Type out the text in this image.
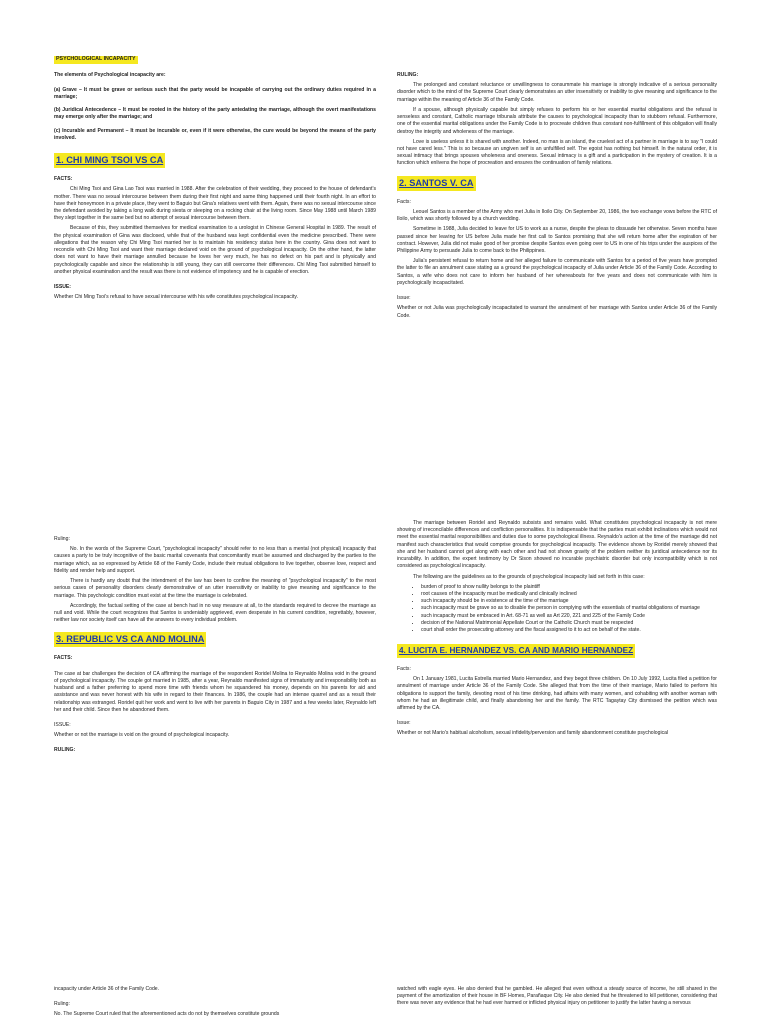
PSYCHOLOGICAL INCAPACITY

The elements of Psychological incapacity are:

(a) Grave – It must be grave or serious such that the party would be incapable of carrying out the ordinary duties required in a marriage;

(b) Juridical Antecedence – It must be rooted in the history of the party antedating the marriage, although the overt manifestations may emerge only after the marriage; and

(c) Incurable and Permanent – It must be incurable or, even if it were otherwise, the cure would be beyond the means of the party involved.

1. CHI MING TSOI VS CA

FACTS:

Chi Ming Tsoi and Gina Lao Tsoi was married in 1988. After the celebration of their wedding, they proceed to the house of defendant's mother. There was no sexual intercourse between them during their first night and same thing happened until their fourth night. In an effort to have their honeymoon in a private place, they went to Baguio but Gina's relatives went with them. Again, there was no sexual intercourse since the defendant avoided by taking a long walk during siesta or sleeping on a rocking chair at the living room. Since May 1988 until March 1989 they slept together in the same bed but no attempt of sexual intercourse between them.

Because of this, they submitted themselves for medical examination to a urologist in Chinese General Hospital in 1989. The result of the physical examination of Gina was disclosed, while that of the husband was kept confidential even the medicine prescribed. There were allegations that the reason why Chi Ming Tsoi married her is to maintain his residency status here in the country. Gina does not want to reconcile with Chi Ming Tsoi and want their marriage declared void on the ground of psychological incapacity. On the other hand, the latter does not want to have their marriage annulled because he loves her very much, he has no defect on his part and is physically and psychologically capable and since the relationship is still young, they can still overcome their differences. Chi Ming Tsoi submitted himself to another physical examination and the result was there is not evidence of impotency and he is capable of erection.

ISSUE:

Whether Chi Ming Tsoi's refusal to have sexual intercourse with his wife constitutes psychological incapacity.

RULING:

The prolonged and constant reluctance or unwillingness to consummate his marriage is strongly indicative of a serious personality disorder which to the mind of the Supreme Court clearly demonstrates an utter insensitivity or inability to give meaning and significance to the marriage within the meaning of Article 36 of the Family Code.

If a spouse, although physically capable but simply refuses to perform his or her essential marital obligations and the refusal is senseless and constant, Catholic marriage tribunals attribute the causes to psychological incapacity than to stubborn refusal. Furthermore, one of the essential marital obligations under the Family Code is to procreate children thus constant non-fulfillment of this obligation will finally destroy the integrity and wholeness of the marriage.

Love is useless unless it is shared with another. Indeed, no man is an island, the cruelest act of a partner in marriage is to say "I could not have cared less." This is so because an ungiven self is an unfulfilled self. The egoist has nothing but himself. In the natural order, it is sexual intimacy that brings spouses wholeness and oneness. Sexual intimacy is a gift and a participation in the mystery of creation. It is a function which enlivens the hope of procreation and ensures the continuation of family relations.

2. SANTOS V. CA

Facts:

Leouel Santos is a member of the Army who met Julia in Iloilo City. On September 20, 1986, the two exchange vows before the RTC of Iloilo, which was shortly followed by a church wedding.

Sometime in 1988, Julia decided to leave for US to work as a nurse, despite the pleas to dissuade her otherwise. Seven months have passed since her leaving for US before Julia made her first call to Santos promising that she will return home after the expiration of her contract. However, Julia did not make good of her promise despite Santos even going over to US in one of his trips under the auspices of the Philippine Army to persuade Julia to come back to the Philippines.

Julia's persistent refusal to return home and her alleged failure to communicate with Santos for a period of five years have prompted the latter to file an annulment case stating as a ground the psychological incapacity of Julia under Article 36 of the Family Code. According to Santos, a wife who does not care to inform her husband of her whereabouts for five years and does not communicate with him is psychologically incapacitated.

Issue:

Whether or not Julia was psychologically incapacitated to warrant the annulment of her marriage with Santos under Article 36 of the Family Code.

Ruling:

No. In the words of the Supreme Court, "psychological incapacity" should refer to no less than a mental (not physical) incapacity that causes a party to be truly incognitive of the basic marital covenants that concomitantly must be assumed and discharged by the parties to the marriage which, as so expressed by Article 68 of the Family Code, include their mutual obligations to live together, observe love, respect and fidelity and render help and support.

There is hardly any doubt that the intendment of the law has been to confine the meaning of "psychological incapacity" to the most serious cases of personality disorders clearly demonstrative of an utter insensitivity or inability to give meaning and significance to the marriage. This psychologic condition must exist at the time the marriage is celebrated.

Accordingly, the factual setting of the case at bench had in no way measure at all, to the standards required to decree the marriage as null and void. While the court recognizes that Santos is undeniably aggrieved, even desperate in his current condition, regrettably, however, neither law nor society itself can have all the answers to every individual problem.

3. REPUBLIC VS CA AND MOLINA

FACTS:

The case at bar challenges the decision of CA affirming the marriage of the respondent Roridel Molina to Reynaldo Molina void in the ground of psychological incapacity. The couple got married in 1985, after a year, Reynaldo manifested signs of immaturity and irresponsibility both as husband and a father preferring to spend more time with friends whom he squandered his money, depends on his parents for aid and assistance and was never honest with his wife in regard to their finances. In 1986, the couple had an intense quarrel and as a result their relationship was estranged. Roridel quit her work and went to live with her parents in Baguio City in 1987 and a few weeks later, Reynaldo left her and their child. Since then he abandoned them.

ISSUE:

Whether or not the marriage is void on the ground of psychological incapacity.

RULING:

The marriage between Roridel and Reynaldo subsists and remains valid. What constitutes psychological incapacity is not mere showing of irreconcilable differences and confliction personalities. It is indispensable that the parties must exhibit inclinations which would not meet the essential marital responsibilities and duties due to some psychological illness. Reynaldo's action at the time of the marriage did not manifest such characteristics that would comprise grounds for psychological incapacity. The evidence shown by Roridel merely showed that she and her husband cannot get along with each other and had not shown gravity of the problem neither its juridical antecedence nor its incurability. In addition, the expert testimony by Dr Sison showed no incurable psychiatric disorder but only incompatibility which is not considered as psychological incapacity.

The following are the guidelines as to the grounds of psychological incapacity laid set forth in this case:

• burden of proof to show nullity belongs to the plaintiff
• root causes of the incapacity must be medically and clinically inclined
• such incapacity should be in existence at the time of the marriage
• such incapacity must be grave so as to disable the person in complying with the essentials of marital obligations of marriage
• such incapacity must be embraced in Art. 68-71 as well as Art 220, 221 and 225 of the Family Code
• decision of the National Matrimonial Appellate Court or the Catholic Church must be respected
• court shall order the prosecuting attorney and the fiscal assigned to it to act on behalf of the state.

4. LUCITA E. HERNANDEZ VS. CA AND MARIO HERNANDEZ

Facts:

On 1 January 1981, Lucita Estrella married Mario Hernandez, and they begot three children. On 10 July 1992, Lucita filed a petition for annulment of marriage under Article 36 of the Family Code. She alleged that from the time of their marriage, Mario failed to perform his obligations to support the family, devoting most of his time drinking, had affairs with many women, and cohabiting with another woman with whom he had an illegitimate child, and finally abandoning her and the family. The RTC Tagaytay City dismissed the petition which was affirmed by the CA.

Issue:

Whether or not Mario's habitual alcoholism, sexual infidelity/perversion and family abandonment constitute psychological

incapacity under Article 36 of the Family Code.

Ruling:

No. The Supreme Court ruled that the aforementioned acts do not by themselves constitute grounds

watched with eagle eyes. He also denied that he gambled. He alleged that even without a steady source of income, he still shared in the payment of the amortization of their house in BF Homes, Parañaque City. He also denied that he threatened to kill petitioner, considering that there was never any evidence that he had ever harmed or inflicted physical injury on petitioner to justify the latter having a nervous
